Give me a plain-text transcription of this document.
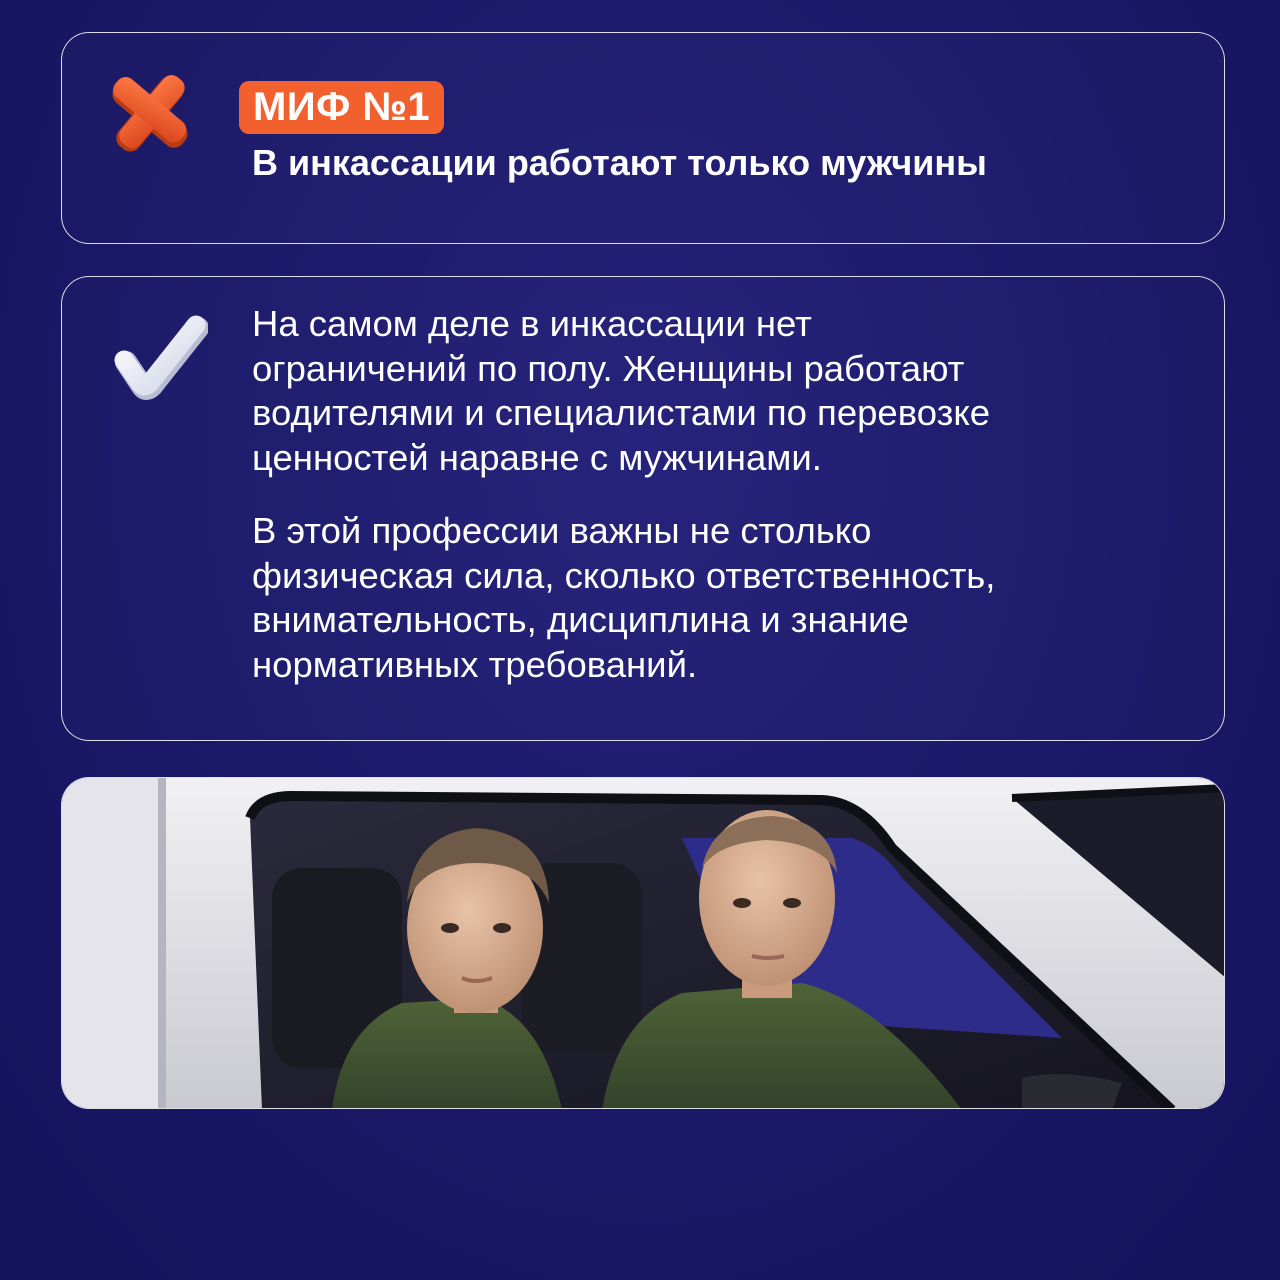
МИФ №1
В инкассации работают только мужчины
На самом деле в инкассации нет
ограничений по полу. Женщины работают
водителями и специалистами по перевозке
ценностей наравне с мужчинами.
В этой профессии важны не столько
физическая сила, сколько ответственность,
внимательность, дисциплина и знание
нормативных требований.
